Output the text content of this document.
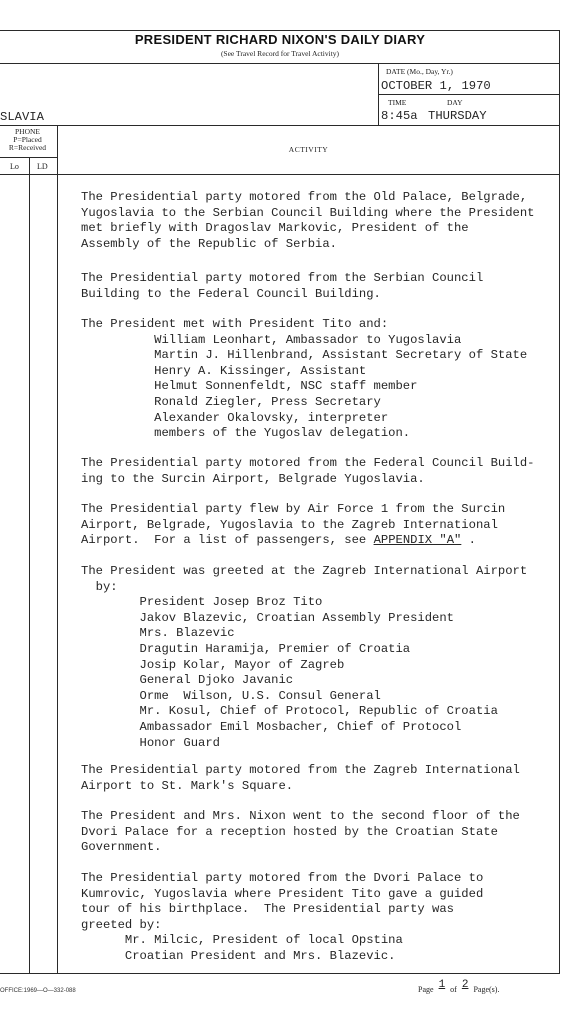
PRESIDENT RICHARD NIXON'S DAILY DIARY
(See Travel Record for Travel Activity)
DATE (Mo., Day, Yr.)
OCTOBER 1, 1970
TIME	DAY
8:45a THURSDAY
SLAVIA
PHONE
P=Placed
R=Received
Lo LD
ACTIVITY
The Presidential party motored from the Old Palace, Belgrade,
Yugoslavia to the Serbian Council Building where the President
met briefly with Dragoslav Markovic, President of the
Assembly of the Republic of Serbia.
The Presidential party motored from the Serbian Council
Building to the Federal Council Building.
The President met with President Tito and:
William Leonhart, Ambassador to Yugoslavia
Martin J. Hillenbrand, Assistant Secretary of State
Henry A. Kissinger, Assistant
Helmut Sonnenfeldt, NSC staff member
Ronald Ziegler, Press Secretary
Alexander Okalovsky, interpreter
members of the Yugoslav delegation.
The Presidential party motored from the Federal Council Build-
ing to the Surcin Airport, Belgrade Yugoslavia.
The Presidential party flew by Air Force 1 from the Surcin
Airport, Belgrade, Yugoslavia to the Zagreb International
Airport.  For a list of passengers, see APPENDIX "A" .
The President was greeted at the Zagreb International Airport
by:
President Josep Broz Tito
Jakov Blazevic, Croatian Assembly President
Mrs. Blazevic
Dragutin Haramija, Premier of Croatia
Josip Kolar, Mayor of Zagreb
General Djoko Javanic
Orme  Wilson, U.S. Consul General
Mr. Kosul, Chief of Protocol, Republic of Croatia
Ambassador Emil Mosbacher, Chief of Protocol
Honor Guard
The Presidential party motored from the Zagreb International
Airport to St. Mark's Square.
The President and Mrs. Nixon went to the second floor of the
Dvori Palace for a reception hosted by the Croatian State
Government.
The Presidential party motored from the Dvori Palace to
Kumrovic, Yugoslavia where President Tito gave a guided
tour of his birthplace.  The Presidential party was
greeted by:
Mr. Milcic, President of local Opstina
Croatian President and Mrs. Blazevic.
OFFICE:1969—O—332-088	Page 1 of 2 Page(s).
